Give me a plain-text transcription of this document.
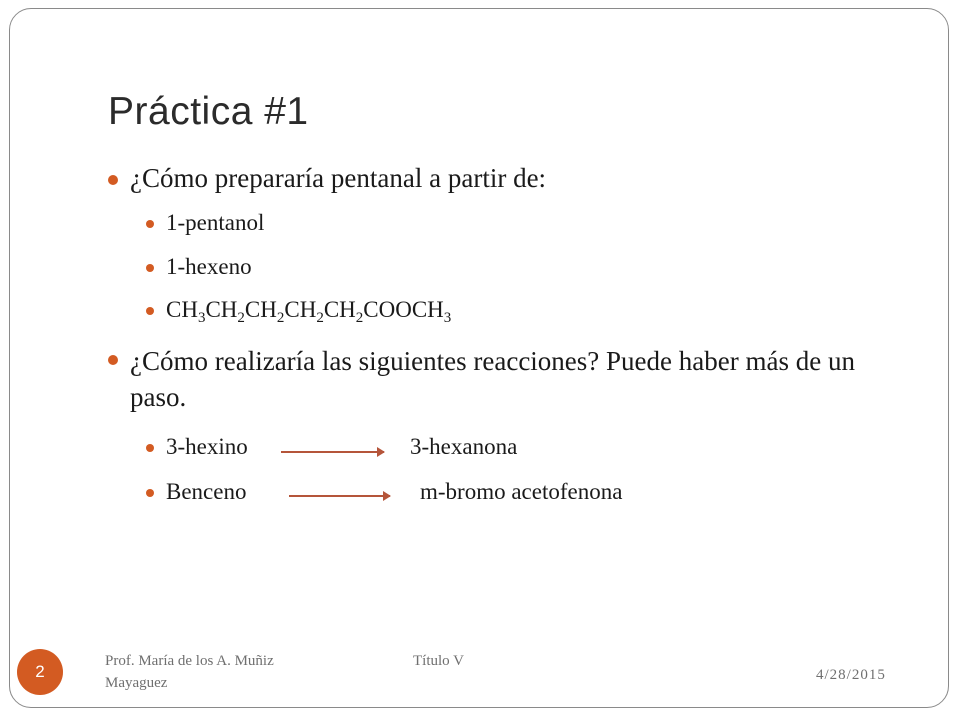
Práctica #1
¿Cómo prepararía pentanal a partir de:
1-pentanol
1-hexeno
$CH_3CH_2CH_2CH_2CH_2COOCH_3$
¿Cómo realizaría las siguientes reacciones? Puede haber más de un paso.
3-hexino	3-hexanona
Benceno	m-bromo acetofenona
2
Prof. María de los A. Muñiz
Mayaguez
Título V
4/28/2015
